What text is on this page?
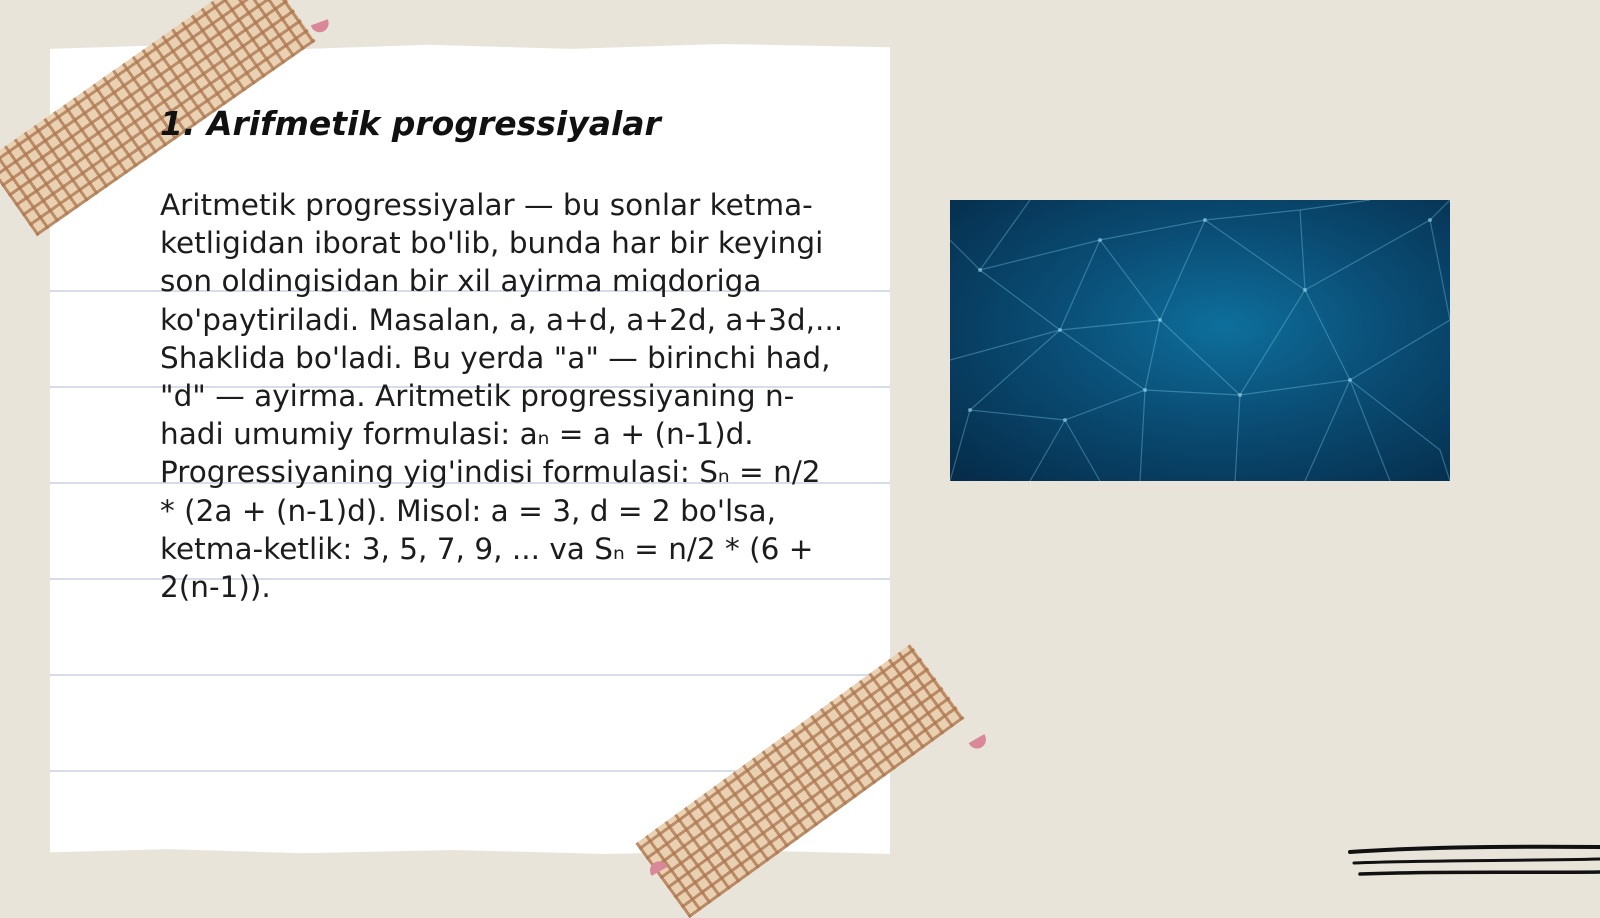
1. Arifmetik progressiyalar
Aritmetik progressiyalar — bu sonlar ketma-
ketligidan iborat bo'lib, bunda har bir keyingi
son oldingisidan bir xil ayirma miqdoriga
ko'paytiriladi. Masalan, a, a+d, a+2d, a+3d,...
Shaklida bo'ladi. Bu yerda "a" — birinchi had,
"d" — ayirma. Aritmetik progressiyaning n-
hadi umumiy formulasi: aₙ = a + (n-1)d.
Progressiyaning yig'indisi formulasi: Sₙ = n/2
* (2a + (n-1)d). Misol: a = 3, d = 2 bo'lsa,
ketma-ketlik: 3, 5, 7, 9, ... va Sₙ = n/2 * (6 +
2(n-1)).
